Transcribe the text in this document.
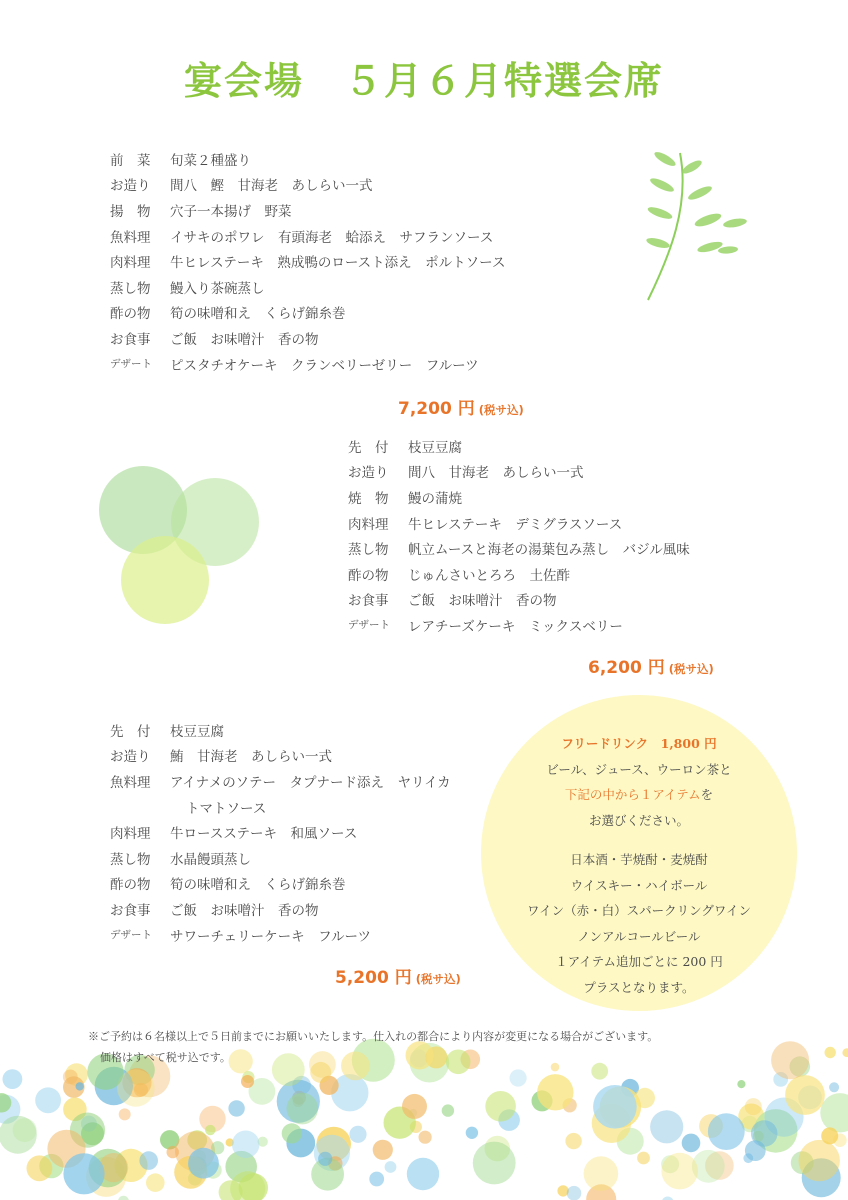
宴会場　５月６月特選会席
前　菜	旬菜２種盛り
お造り	間八　鰹　甘海老　あしらい一式
揚　物	穴子一本揚げ　野菜
魚料理	イサキのポワレ　有頭海老　蛤添え　サフランソース
肉料理	牛ヒレステーキ　熟成鴨のロースト添え　ポルトソース
蒸し物	鰻入り茶碗蒸し
酢の物	筍の味噌和え　くらげ錦糸巻
お食事	ご飯　お味噌汁　香の物
デザート	ピスタチオケーキ　クランベリーゼリー　フルーツ
7,200 円 (税サ込)
先　付	枝豆豆腐
お造り	間八　甘海老　あしらい一式
焼　物	鰻の蒲焼
肉料理	牛ヒレステーキ　デミグラスソース
蒸し物	帆立ムースと海老の湯葉包み蒸し　バジル風味
酢の物	じゅんさいとろろ　土佐酢
お食事	ご飯　お味噌汁　香の物
デザート	レアチーズケーキ　ミックスベリー
6,200 円 (税サ込)
フリードリンク　1,800 円
ビール、ジュース、ウーロン茶と
下記の中から１アイテムを
お選びください。
日本酒・芋焼酎・麦焼酎
ウイスキー・ハイボール
ワイン（赤・白）スパークリングワイン
ノンアルコールビール
１アイテム追加ごとに 200 円
プラスとなります。
先　付	枝豆豆腐
お造り	鮪　甘海老　あしらい一式
魚料理	アイナメのソテー　タプナード添え　ヤリイカ
トマトソース
肉料理	牛ロースステーキ　和風ソース
蒸し物	水晶饅頭蒸し
酢の物	筍の味噌和え　くらげ錦糸巻
お食事	ご飯　お味噌汁　香の物
デザート	サワーチェリーケーキ　フルーツ
5,200 円 (税サ込)
※ご予約は６名様以上で５日前までにお願いいたします。仕入れの都合により内容が変更になる場合がございます。
価格はすべて税サ込です。
